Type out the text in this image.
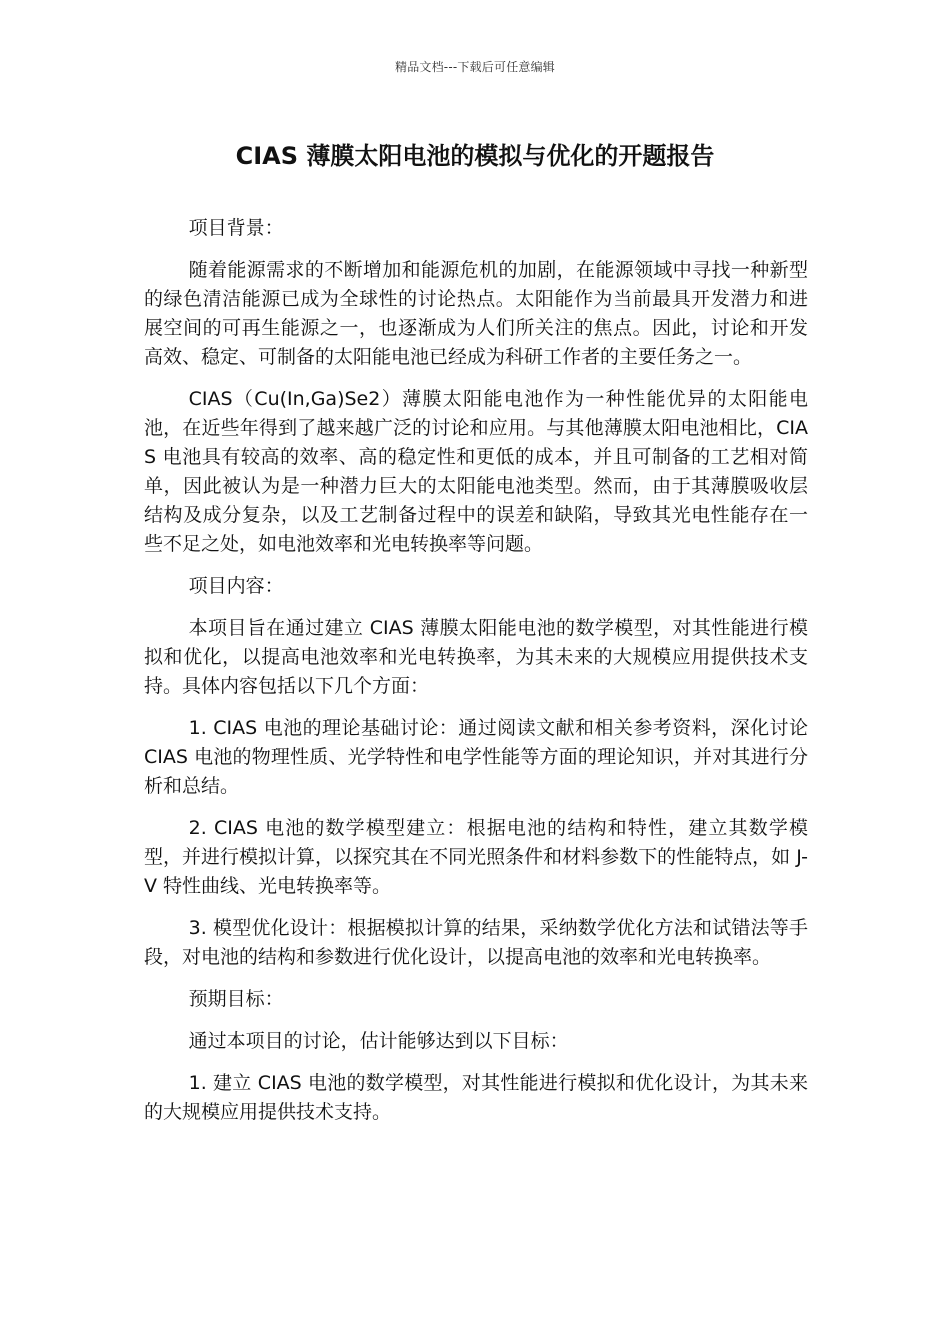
精品文档---下载后可任意编辑
CIAS 薄膜太阳电池的模拟与优化的开题报告

项目背景：

随着能源需求的不断增加和能源危机的加剧，在能源领域中寻找一种新型的绿色清洁能源已成为全球性的讨论热点。太阳能作为当前最具开发潜力和进展空间的可再生能源之一，也逐渐成为人们所关注的焦点。因此，讨论和开发高效、稳定、可制备的太阳能电池已经成为科研工作者的主要任务之一。

CIAS（Cu(In,Ga)Se2）薄膜太阳能电池作为一种性能优异的太阳能电池，在近些年得到了越来越广泛的讨论和应用。与其他薄膜太阳电池相比，CIAS 电池具有较高的效率、高的稳定性和更低的成本，并且可制备的工艺相对简单，因此被认为是一种潜力巨大的太阳能电池类型。然而，由于其薄膜吸收层结构及成分复杂，以及工艺制备过程中的误差和缺陷，导致其光电性能存在一些不足之处，如电池效率和光电转换率等问题。

项目内容：

本项目旨在通过建立 CIAS 薄膜太阳能电池的数学模型，对其性能进行模拟和优化，以提高电池效率和光电转换率，为其未来的大规模应用提供技术支持。具体内容包括以下几个方面：

1. CIAS 电池的理论基础讨论：通过阅读文献和相关参考资料，深化讨论 CIAS 电池的物理性质、光学特性和电学性能等方面的理论知识，并对其进行分析和总结。

2. CIAS 电池的数学模型建立：根据电池的结构和特性，建立其数学模型，并进行模拟计算，以探究其在不同光照条件和材料参数下的性能特点，如 J-V 特性曲线、光电转换率等。

3. 模型优化设计：根据模拟计算的结果，采纳数学优化方法和试错法等手段，对电池的结构和参数进行优化设计，以提高电池的效率和光电转换率。

预期目标：

通过本项目的讨论，估计能够达到以下目标：

1. 建立 CIAS 电池的数学模型，对其性能进行模拟和优化设计，为其未来的大规模应用提供技术支持。
